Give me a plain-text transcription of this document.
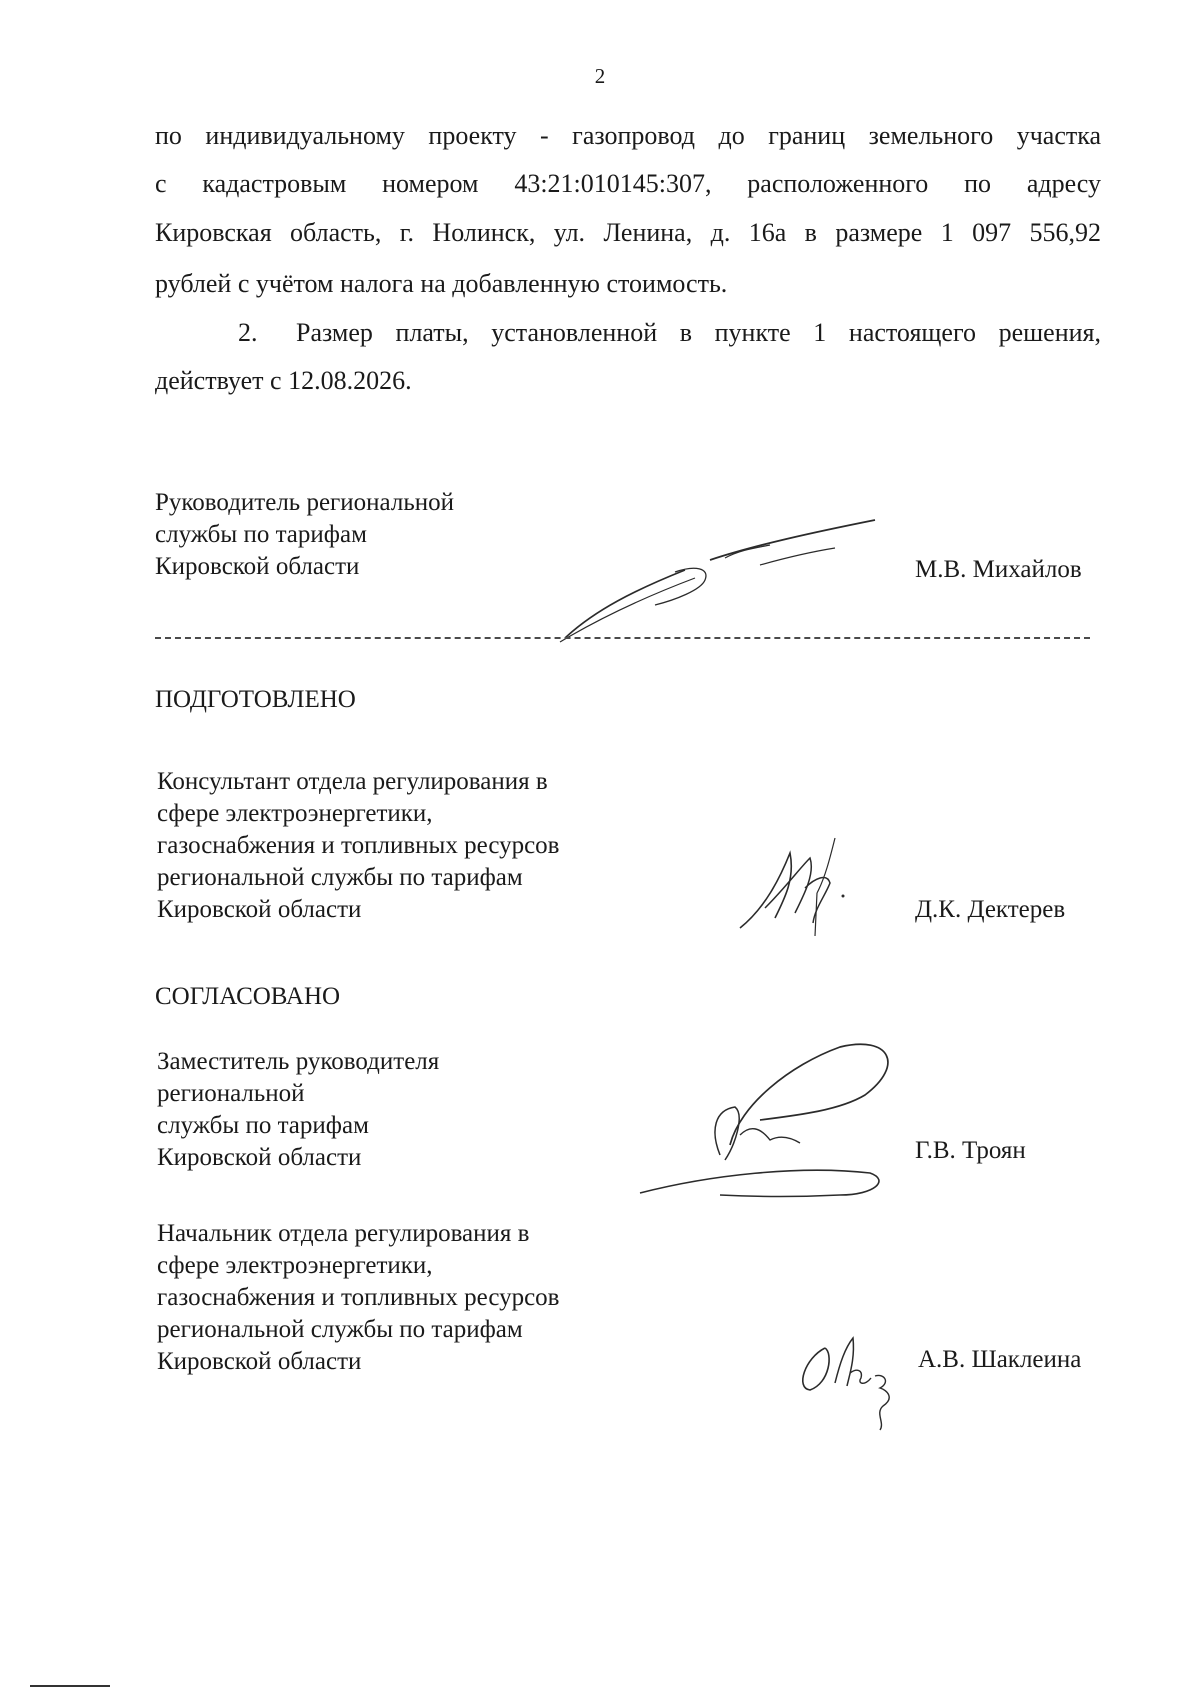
2
по индивидуальному проекту - газопровод до границ земельного участка
с кадастровым номером 43:21:010145:307, расположенного по адресу
Кировская область, г. Нолинск, ул. Ленина, д. 16а в размере 1 097 556,92
рублей с учётом налога на добавленную стоимость.
2. Размер платы, установленной в пункте 1 настоящего решения,
действует с 12.08.2026.
Руководитель региональной
службы по тарифам
Кировской области	М.В. Михайлов
ПОДГОТОВЛЕНО
Консультант отдела регулирования в
сфере электроэнергетики,
газоснабжения и топливных ресурсов
региональной службы по тарифам
Кировской области	Д.К. Дектерев
СОГЛАСОВАНО
Заместитель руководителя
региональной
службы по тарифам
Кировской области	Г.В. Троян
Начальник отдела регулирования в
сфере электроэнергетики,
газоснабжения и топливных ресурсов
региональной службы по тарифам
Кировской области	А.В. Шаклеина
